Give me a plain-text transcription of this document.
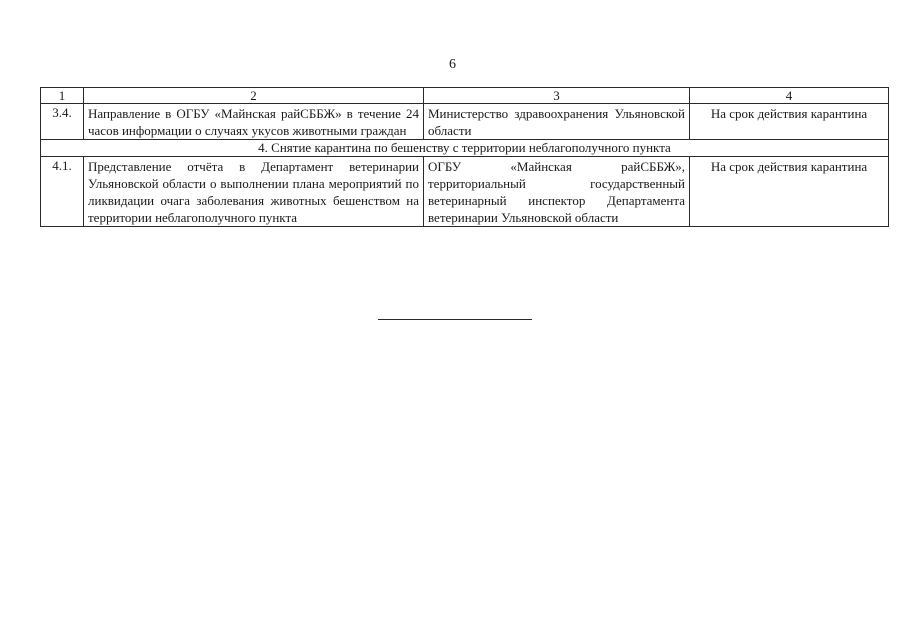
6
1	2	3	4
3.4.	Направление в ОГБУ «Майнская райСББЖ» в течение 24 часов информации о случаях укусов животными граждан	Министерство здравоохранения Ульяновской области	На срок действия карантина
4. Снятие карантина по бешенству с территории неблагополучного пункта			
4.1.	Представление отчёта в Департамент ветеринарии Ульяновской области о выполнении плана мероприятий по ликвидации очага заболевания животных бешенством на территории неблагополучного пункта	ОГБУ «Майнская райСББЖ», территориальный государственный ветеринарный инспектор Департамента ветеринарии Ульяновской области	На срок действия карантина
